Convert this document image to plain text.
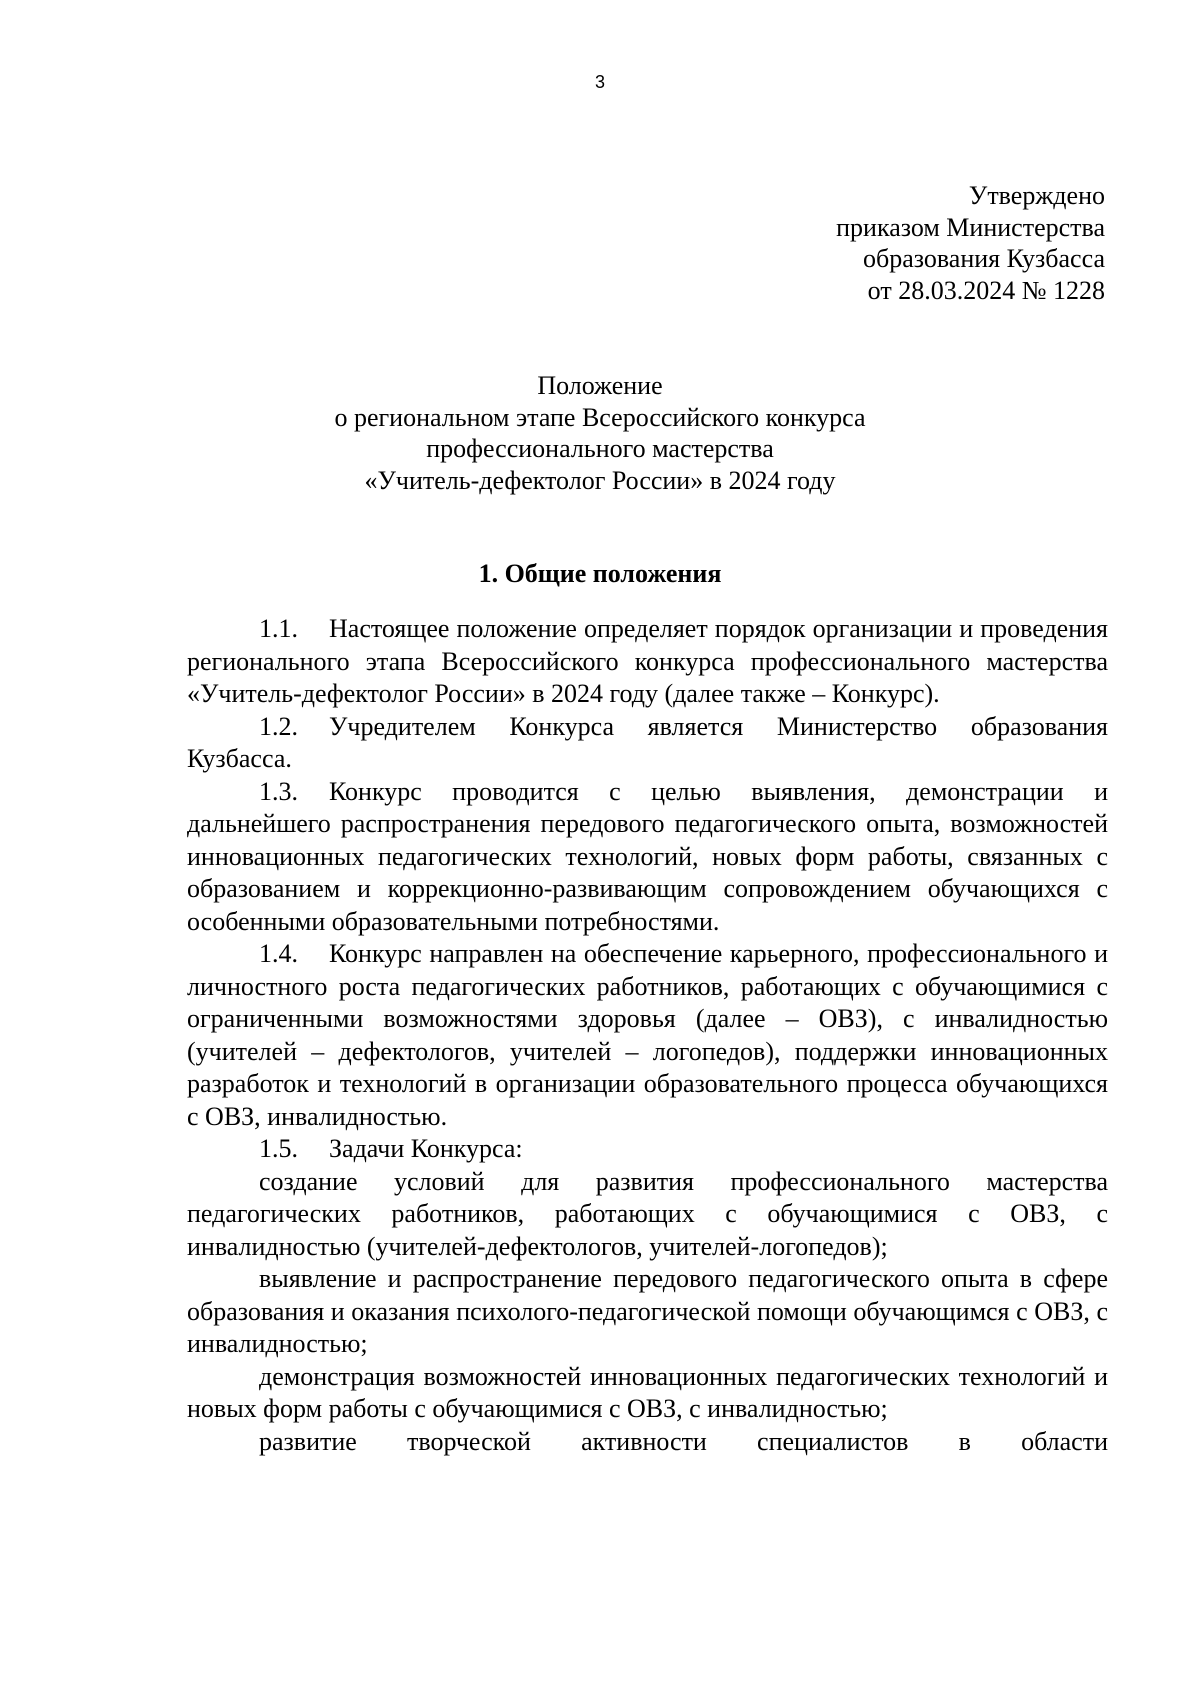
3
Утверждено
приказом Министерства
образования Кузбасса
от 28.03.2024 № 1228
Положение
о региональном этапе Всероссийского конкурса
профессионального мастерства
«Учитель-дефектолог России» в 2024 году
1. Общие положения

1.1. Настоящее положение определяет порядок организации и проведения регионального этапа Всероссийского конкурса профессионального мастерства «Учитель-дефектолог России» в 2024 году (далее также – Конкурс).

1.2. Учредителем Конкурса является Министерство образования Кузбасса.

1.3. Конкурс проводится с целью выявления, демонстрации и дальнейшего распространения передового педагогического опыта, возможностей инновационных педагогических технологий, новых форм работы, связанных с образованием и коррекционно-развивающим сопровождением обучающихся с особенными образовательными потребностями.

1.4. Конкурс направлен на обеспечение карьерного, профессионального и личностного роста педагогических работников, работающих с обучающимися с ограниченными возможностями здоровья (далее – ОВЗ), с инвалидностью (учителей – дефектологов, учителей – логопедов), поддержки инновационных разработок и технологий в организации образовательного процесса обучающихся с ОВЗ, инвалидностью.

1.5. Задачи Конкурса:

создание условий для развития профессионального мастерства педагогических работников, работающих с обучающимися с ОВЗ, с инвалидностью (учителей-дефектологов, учителей-логопедов);

выявление и распространение передового педагогического опыта в сфере образования и оказания психолого-педагогической помощи обучающимся с ОВЗ, с инвалидностью;

демонстрация возможностей инновационных педагогических технологий и новых форм работы с обучающимися с ОВЗ, с инвалидностью;

развитие творческой активности специалистов в области
